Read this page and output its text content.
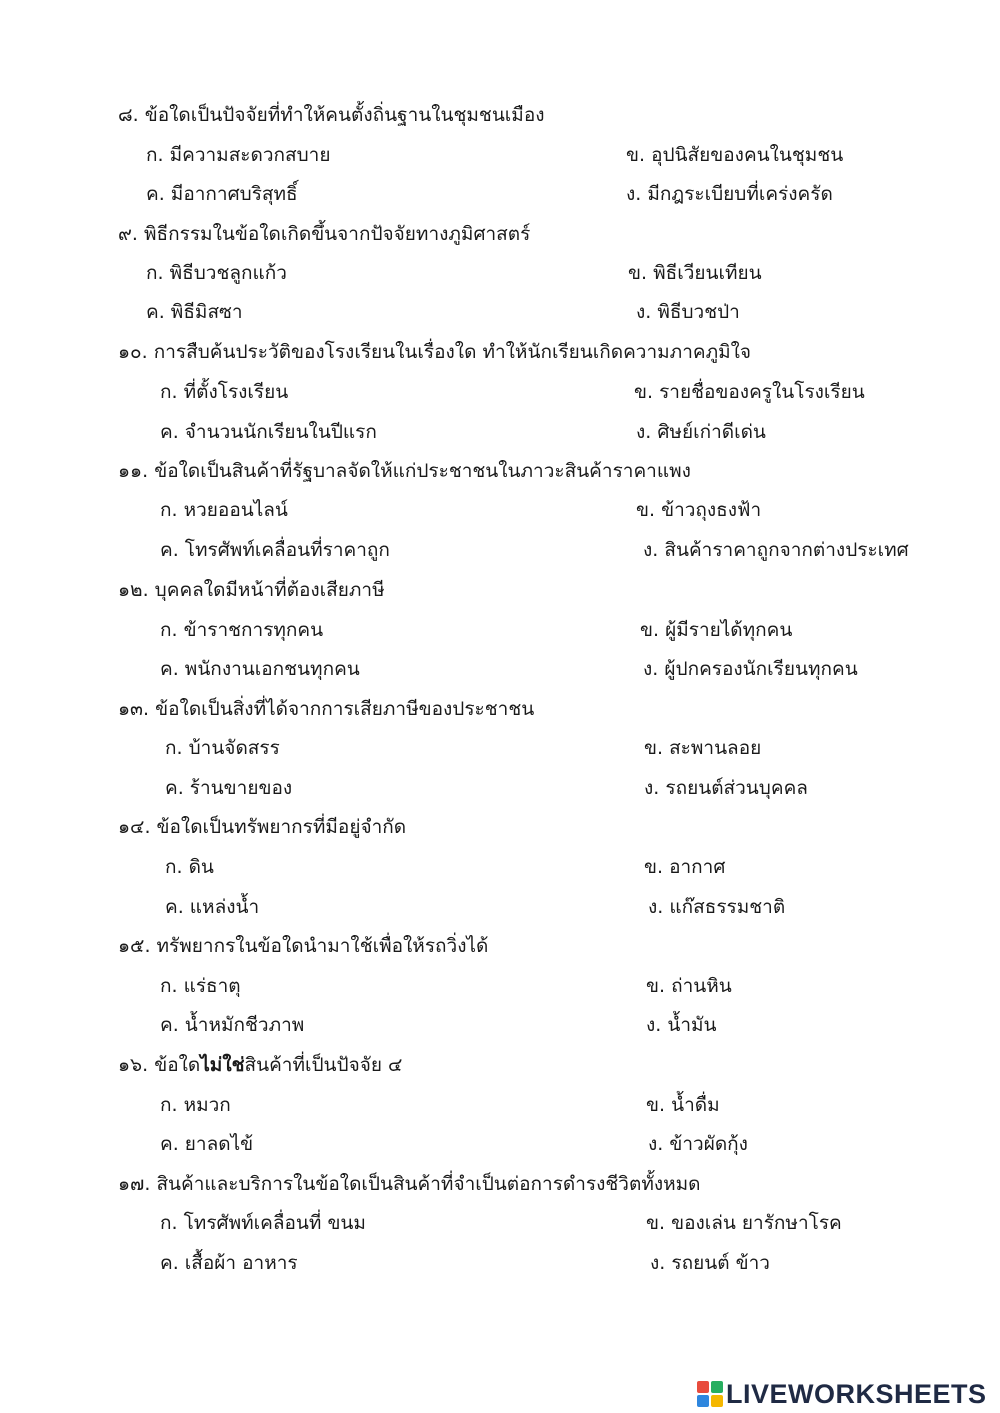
๘. ข้อใดเป็นปัจจัยที่ทำให้คนตั้งถิ่นฐานในชุมชนเมือง
ก. มีความสะดวกสบาย	ข. อุปนิสัยของคนในชุมชน
ค. มีอากาศบริสุทธิ์	ง. มีกฎระเบียบที่เคร่งครัด
๙. พิธีกรรมในข้อใดเกิดขึ้นจากปัจจัยทางภูมิศาสตร์
ก. พิธีบวชลูกแก้ว	ข. พิธีเวียนเทียน
ค. พิธีมิสซา	ง. พิธีบวชป่า
๑๐. การสืบค้นประวัติของโรงเรียนในเรื่องใด ทำให้นักเรียนเกิดความภาคภูมิใจ
ก. ที่ตั้งโรงเรียน	ข. รายชื่อของครูในโรงเรียน
ค. จำนวนนักเรียนในปีแรก	ง. ศิษย์เก่าดีเด่น
๑๑. ข้อใดเป็นสินค้าที่รัฐบาลจัดให้แก่ประชาชนในภาวะสินค้าราคาแพง
ก. หวยออนไลน์	ข. ข้าวถุงธงฟ้า
ค. โทรศัพท์เคลื่อนที่ราคาถูก	ง. สินค้าราคาถูกจากต่างประเทศ
๑๒. บุคคลใดมีหน้าที่ต้องเสียภาษี
ก. ข้าราชการทุกคน	ข. ผู้มีรายได้ทุกคน
ค. พนักงานเอกชนทุกคน	ง. ผู้ปกครองนักเรียนทุกคน
๑๓. ข้อใดเป็นสิ่งที่ได้จากการเสียภาษีของประชาชน
ก. บ้านจัดสรร	ข. สะพานลอย
ค. ร้านขายของ	ง. รถยนต์ส่วนบุคคล
๑๔. ข้อใดเป็นทรัพยากรที่มีอยู่จำกัด
ก. ดิน	ข. อากาศ
ค. แหล่งน้ำ	ง. แก๊สธรรมชาติ
๑๕. ทรัพยากรในข้อใดนำมาใช้เพื่อให้รถวิ่งได้
ก. แร่ธาตุ	ข. ถ่านหิน
ค. น้ำหมักชีวภาพ	ง. น้ำมัน
๑๖. ข้อใดไม่ใช่สินค้าที่เป็นปัจจัย ๔
ก. หมวก	ข. น้ำดื่ม
ค. ยาลดไข้	ง. ข้าวผัดกุ้ง
๑๗. สินค้าและบริการในข้อใดเป็นสินค้าที่จำเป็นต่อการดำรงชีวิตทั้งหมด
ก. โทรศัพท์เคลื่อนที่ ขนม	ข. ของเล่น ยารักษาโรค
ค. เสื้อผ้า อาหาร	ง. รถยนต์ ข้าว
LIVEWORKSHEETS
